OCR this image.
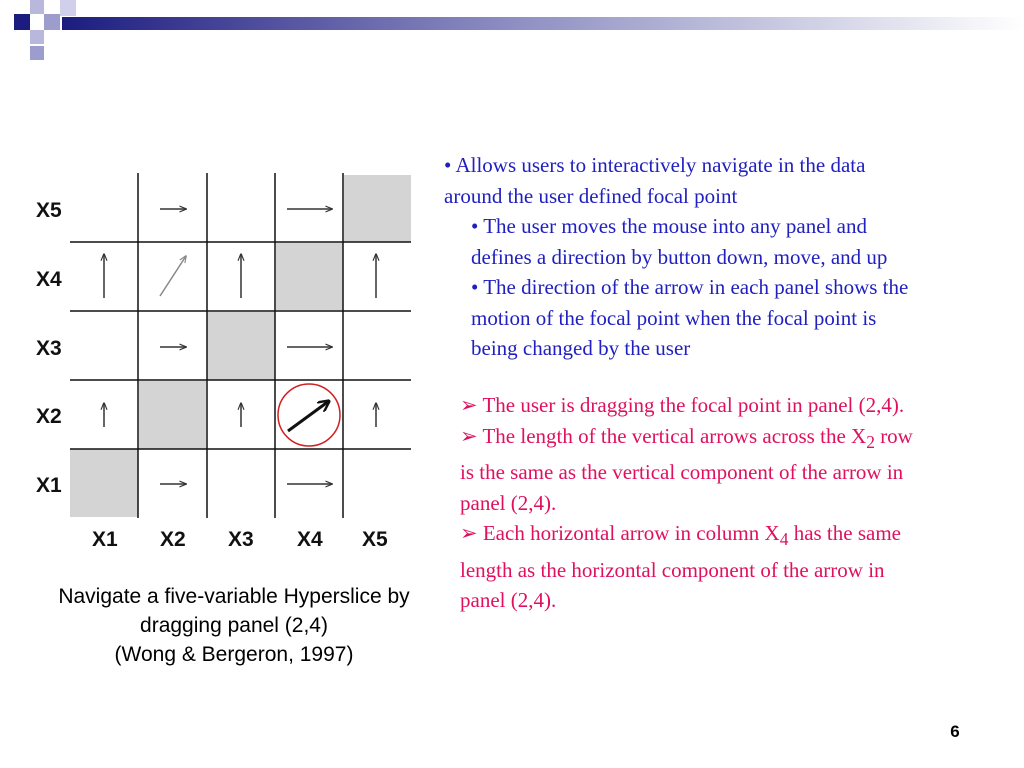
X5
X4
X3
X2
X1
X1 X2 X3 X4 X5
Navigate a five-variable Hyperslice by
dragging panel (2,4)
(Wong & Bergeron, 1997)
• Allows users to interactively navigate in the data
around the user defined focal point
• The user moves the mouse into any panel and
defines a direction by button down, move, and up
• The direction of the arrow in each panel shows the
motion of the focal point when the focal point is
being changed by the user
➢ The user is dragging the focal point in panel (2,4).
➢ The length of the vertical arrows across the $X_2$ row
is the same as the vertical component of the arrow in
panel (2,4).
➢ Each horizontal arrow in column $X_4$ has the same
length as the horizontal component of the arrow in
panel (2,4).
6
